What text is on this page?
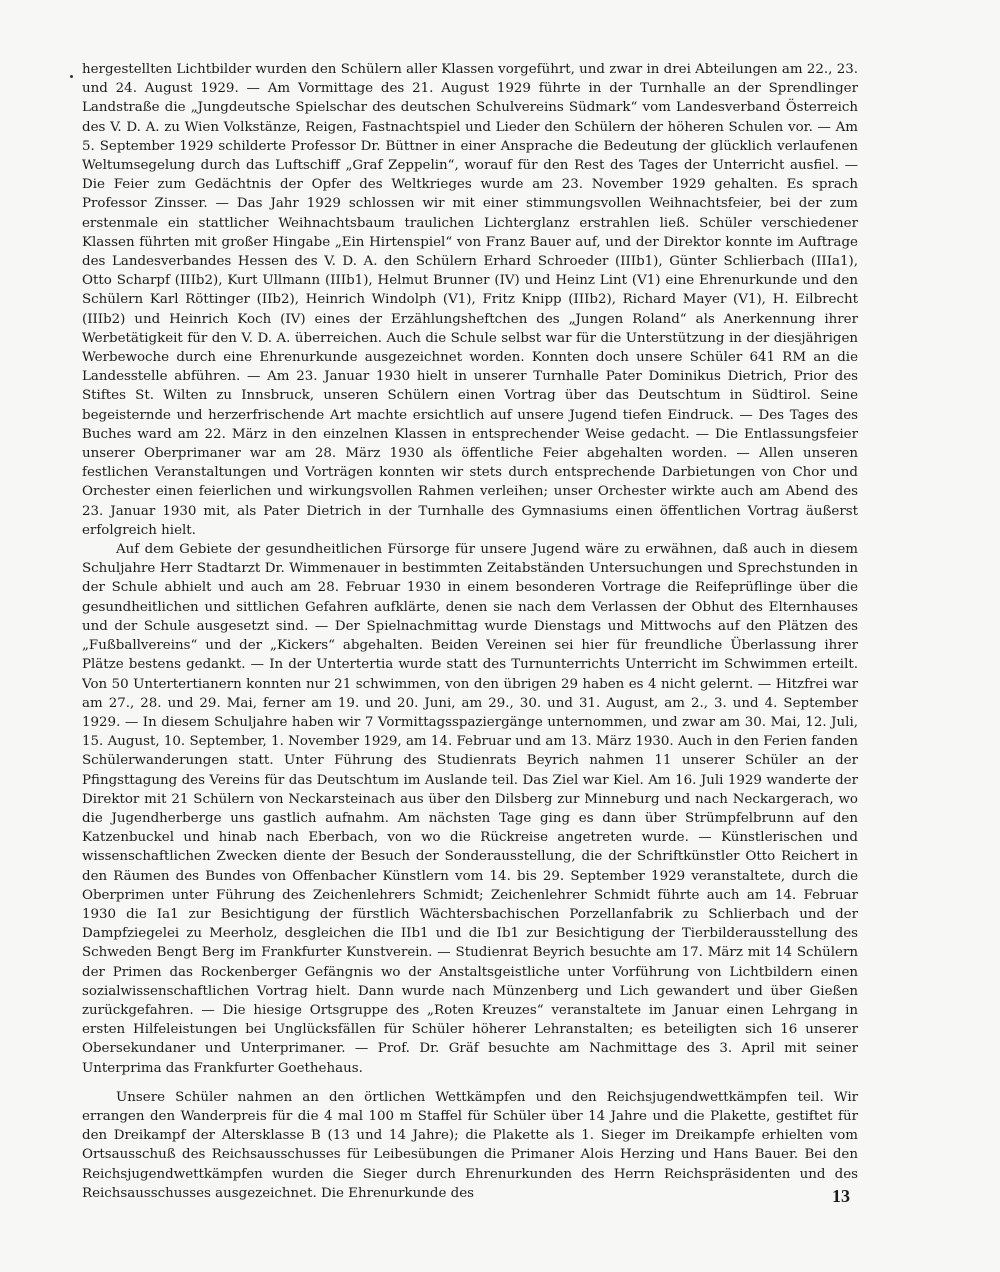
hergestellten Lichtbilder wurden den Schülern aller Klassen vorgeführt, und zwar in drei Abteilungen am 22., 23. und 24. August 1929. — Am Vormittage des 21. August 1929 führte in der Turnhalle an der Sprendlinger Landstraße die „Jungdeutsche Spielschar des deutschen Schulvereins Südmark“ vom Landesverband Österreich des V. D. A. zu Wien Volkstänze, Reigen, Fastnachtspiel und Lieder den Schülern der höheren Schulen vor. — Am 5. September 1929 schilderte Professor Dr. Büttner in einer Ansprache die Bedeutung der glücklich verlaufenen Weltumsegelung durch das Luftschiff „Graf Zeppelin“, worauf für den Rest des Tages der Unterricht ausfiel. — Die Feier zum Gedächtnis der Opfer des Weltkrieges wurde am 23. November 1929 gehalten. Es sprach Professor Zinsser. — Das Jahr 1929 schlossen wir mit einer stimmungsvollen Weihnachtsfeier, bei der zum erstenmale ein stattlicher Weihnachtsbaum traulichen Lichterglanz erstrahlen ließ. Schüler verschiedener Klassen führten mit großer Hingabe „Ein Hirtenspiel“ von Franz Bauer auf, und der Direktor konnte im Auftrage des Landesverbandes Hessen des V. D. A. den Schülern Erhard Schroeder (IIIb1), Günter Schlierbach (IIIa1), Otto Scharpf (IIIb2), Kurt Ullmann (IIIb1), Helmut Brunner (IV) und Heinz Lint (V1) eine Ehrenurkunde und den Schülern Karl Röttinger (IIb2), Heinrich Windolph (V1), Fritz Knipp (IIIb2), Richard Mayer (V1), H. Eilbrecht (IIIb2) und Heinrich Koch (IV) eines der Erzählungsheftchen des „Jungen Roland“ als Anerkennung ihrer Werbetätigkeit für den V. D. A. überreichen. Auch die Schule selbst war für die Unterstützung in der diesjährigen Werbewoche durch eine Ehrenurkunde ausgezeichnet worden. Konnten doch unsere Schüler 641 RM an die Landesstelle abführen. — Am 23. Januar 1930 hielt in unserer Turnhalle Pater Dominikus Dietrich, Prior des Stiftes St. Wilten zu Innsbruck, unseren Schülern einen Vortrag über das Deutschtum in Südtirol. Seine begeisternde und herzerfrischende Art machte ersichtlich auf unsere Jugend tiefen Eindruck. — Des Tages des Buches ward am 22. März in den einzelnen Klassen in entsprechender Weise gedacht. — Die Entlassungsfeier unserer Oberprimaner war am 28. März 1930 als öffentliche Feier abgehalten worden. — Allen unseren festlichen Veranstaltungen und Vorträgen konnten wir stets durch entsprechende Darbietungen von Chor und Orchester einen feierlichen und wirkungsvollen Rahmen verleihen; unser Orchester wirkte auch am Abend des 23. Januar 1930 mit, als Pater Dietrich in der Turnhalle des Gymnasiums einen öffentlichen Vortrag äußerst erfolgreich hielt.

Auf dem Gebiete der gesundheitlichen Fürsorge für unsere Jugend wäre zu erwähnen, daß auch in diesem Schuljahre Herr Stadtarzt Dr. Wimmenauer in bestimmten Zeitabständen Untersuchungen und Sprechstunden in der Schule abhielt und auch am 28. Februar 1930 in einem besonderen Vortrage die Reifeprüflinge über die gesundheitlichen und sittlichen Gefahren aufklärte, denen sie nach dem Verlassen der Obhut des Elternhauses und der Schule ausgesetzt sind. — Der Spielnachmittag wurde Dienstags und Mittwochs auf den Plätzen des „Fußballvereins“ und der „Kickers“ abgehalten. Beiden Vereinen sei hier für freundliche Überlassung ihrer Plätze bestens gedankt. — In der Untertertia wurde statt des Turnunterrichts Unterricht im Schwimmen erteilt. Von 50 Untertertianern konnten nur 21 schwimmen, von den übrigen 29 haben es 4 nicht gelernt. — Hitzfrei war am 27., 28. und 29. Mai, ferner am 19. und 20. Juni, am 29., 30. und 31. August, am 2., 3. und 4. September 1929. — In diesem Schuljahre haben wir 7 Vormittagsspaziergänge unternommen, und zwar am 30. Mai, 12. Juli, 15. August, 10. September, 1. November 1929, am 14. Februar und am 13. März 1930. Auch in den Ferien fanden Schülerwanderungen statt. Unter Führung des Studienrats Beyrich nahmen 11 unserer Schüler an der Pfingsttagung des Vereins für das Deutschtum im Auslande teil. Das Ziel war Kiel. Am 16. Juli 1929 wanderte der Direktor mit 21 Schülern von Neckarsteinach aus über den Dilsberg zur Minneburg und nach Neckargerach, wo die Jugendherberge uns gastlich aufnahm. Am nächsten Tage ging es dann über Strümpfelbrunn auf den Katzenbuckel und hinab nach Eberbach, von wo die Rückreise angetreten wurde. — Künstlerischen und wissenschaftlichen Zwecken diente der Besuch der Sonderausstellung, die der Schriftkünstler Otto Reichert in den Räumen des Bundes von Offenbacher Künstlern vom 14. bis 29. September 1929 veranstaltete, durch die Oberprimen unter Führung des Zeichenlehrers Schmidt; Zeichenlehrer Schmidt führte auch am 14. Februar 1930 die Ia1 zur Besichtigung der fürstlich Wächtersbachischen Porzellanfabrik zu Schlierbach und der Dampfziegelei zu Meerholz, desgleichen die IIb1 und die Ib1 zur Besichtigung der Tierbilderausstellung des Schweden Bengt Berg im Frankfurter Kunstverein. — Studienrat Beyrich besuchte am 17. März mit 14 Schülern der Primen das Rockenberger Gefängnis wo der Anstaltsgeistliche unter Vorführung von Lichtbildern einen sozialwissenschaftlichen Vortrag hielt. Dann wurde nach Münzenberg und Lich gewandert und über Gießen zurückgefahren. — Die hiesige Ortsgruppe des „Roten Kreuzes“ veranstaltete im Januar einen Lehrgang in ersten Hilfeleistungen bei Unglücksfällen für Schüler höherer Lehranstalten; es beteiligten sich 16 unserer Obersekundaner und Unterprimaner. — Prof. Dr. Gräf besuchte am Nachmittage des 3. April mit seiner Unterprima das Frankfurter Goethehaus.

Unsere Schüler nahmen an den örtlichen Wettkämpfen und den Reichsjugendwettkämpfen teil. Wir errangen den Wanderpreis für die 4 mal 100 m Staffel für Schüler über 14 Jahre und die Plakette, gestiftet für den Dreikampf der Altersklasse B (13 und 14 Jahre); die Plakette als 1. Sieger im Dreikampfe erhielten vom Ortsausschuß des Reichsausschusses für Leibesübungen die Primaner Alois Herzing und Hans Bauer. Bei den Reichsjugendwettkämpfen wurden die Sieger durch Ehrenurkunden des Herrn Reichspräsidenten und des Reichsausschusses ausgezeichnet. Die Ehrenurkunde des	13
